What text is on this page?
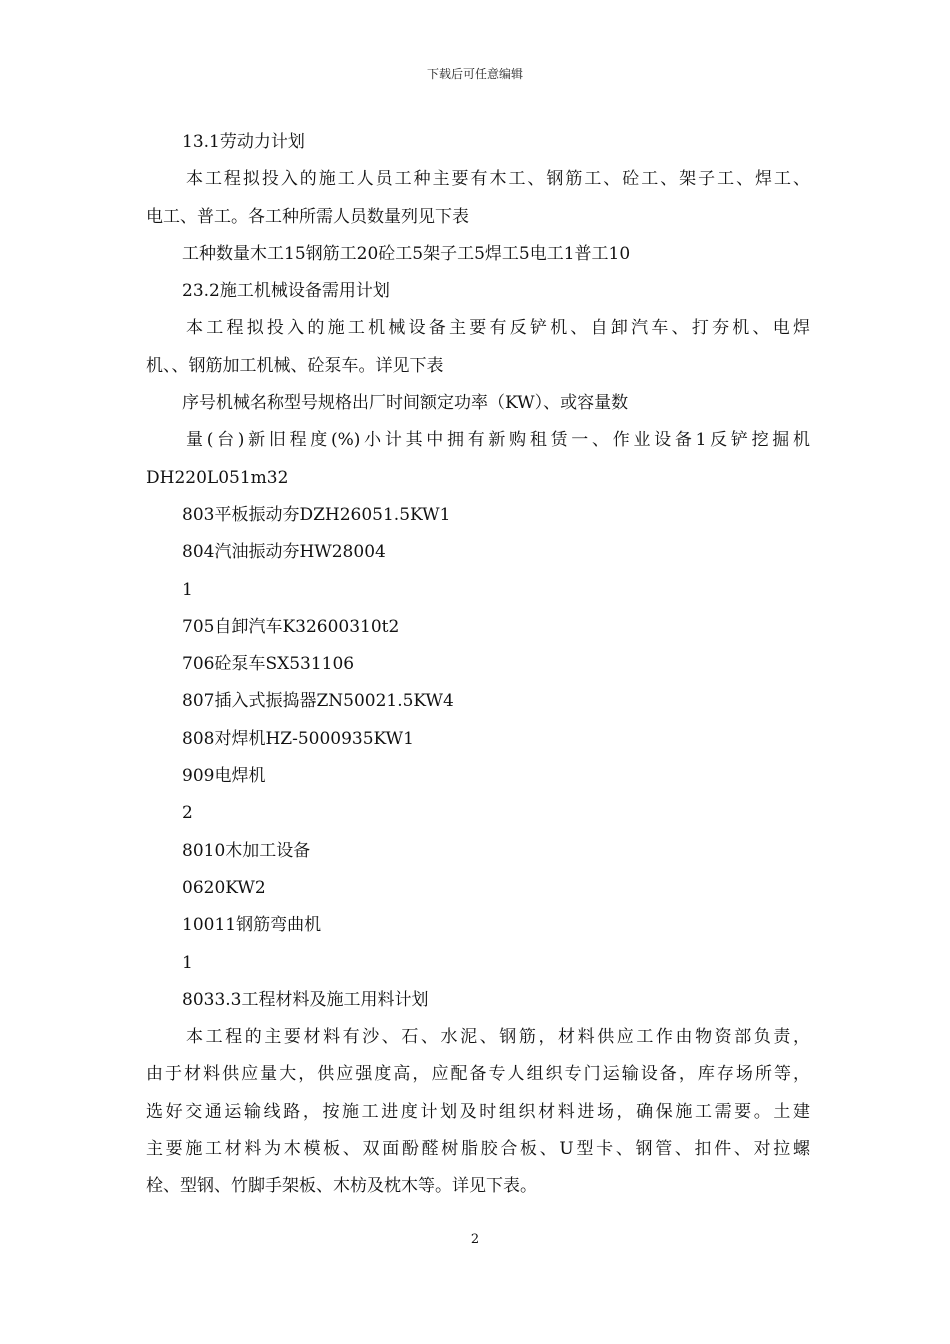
下载后可任意编辑
13.1劳动力计划
本工程拟投入的施工人员工种主要有木工、钢筋工、砼工、架子工、焊工、
电工、普工。各工种所需人员数量列见下表
工种数量木工15钢筋工20砼工5架子工5焊工5电工1普工10
23.2施工机械设备需用计划
本工程拟投入的施工机械设备主要有反铲机、自卸汽车、打夯机、电焊
机、、钢筋加工机械、砼泵车。详见下表
序号机械名称型号规格出厂时间额定功率（KW）、或容量数
量(台)新旧程度(%)小计其中拥有新购租赁一、作业设备1反铲挖掘机
DH220L051m32
803平板振动夯DZH26051.5KW1
804汽油振动夯HW28004
1
705自卸汽车K32600310t2
706砼泵车SX531106
807插入式振捣器ZN50021.5KW4
808对焊机HZ-5000935KW1
909电焊机
2
8010木加工设备
0620KW2
10011钢筋弯曲机
1
8033.3工程材料及施工用料计划
本工程的主要材料有沙、石、水泥、钢筋，材料供应工作由物资部负责，
由于材料供应量大，供应强度高，应配备专人组织专门运输设备，库存场所等，
选好交通运输线路，按施工进度计划及时组织材料进场，确保施工需要。土建
主要施工材料为木模板、双面酚醛树脂胶合板、U型卡、钢管、扣件、对拉螺
栓、型钢、竹脚手架板、木枋及枕木等。详见下表。
2
